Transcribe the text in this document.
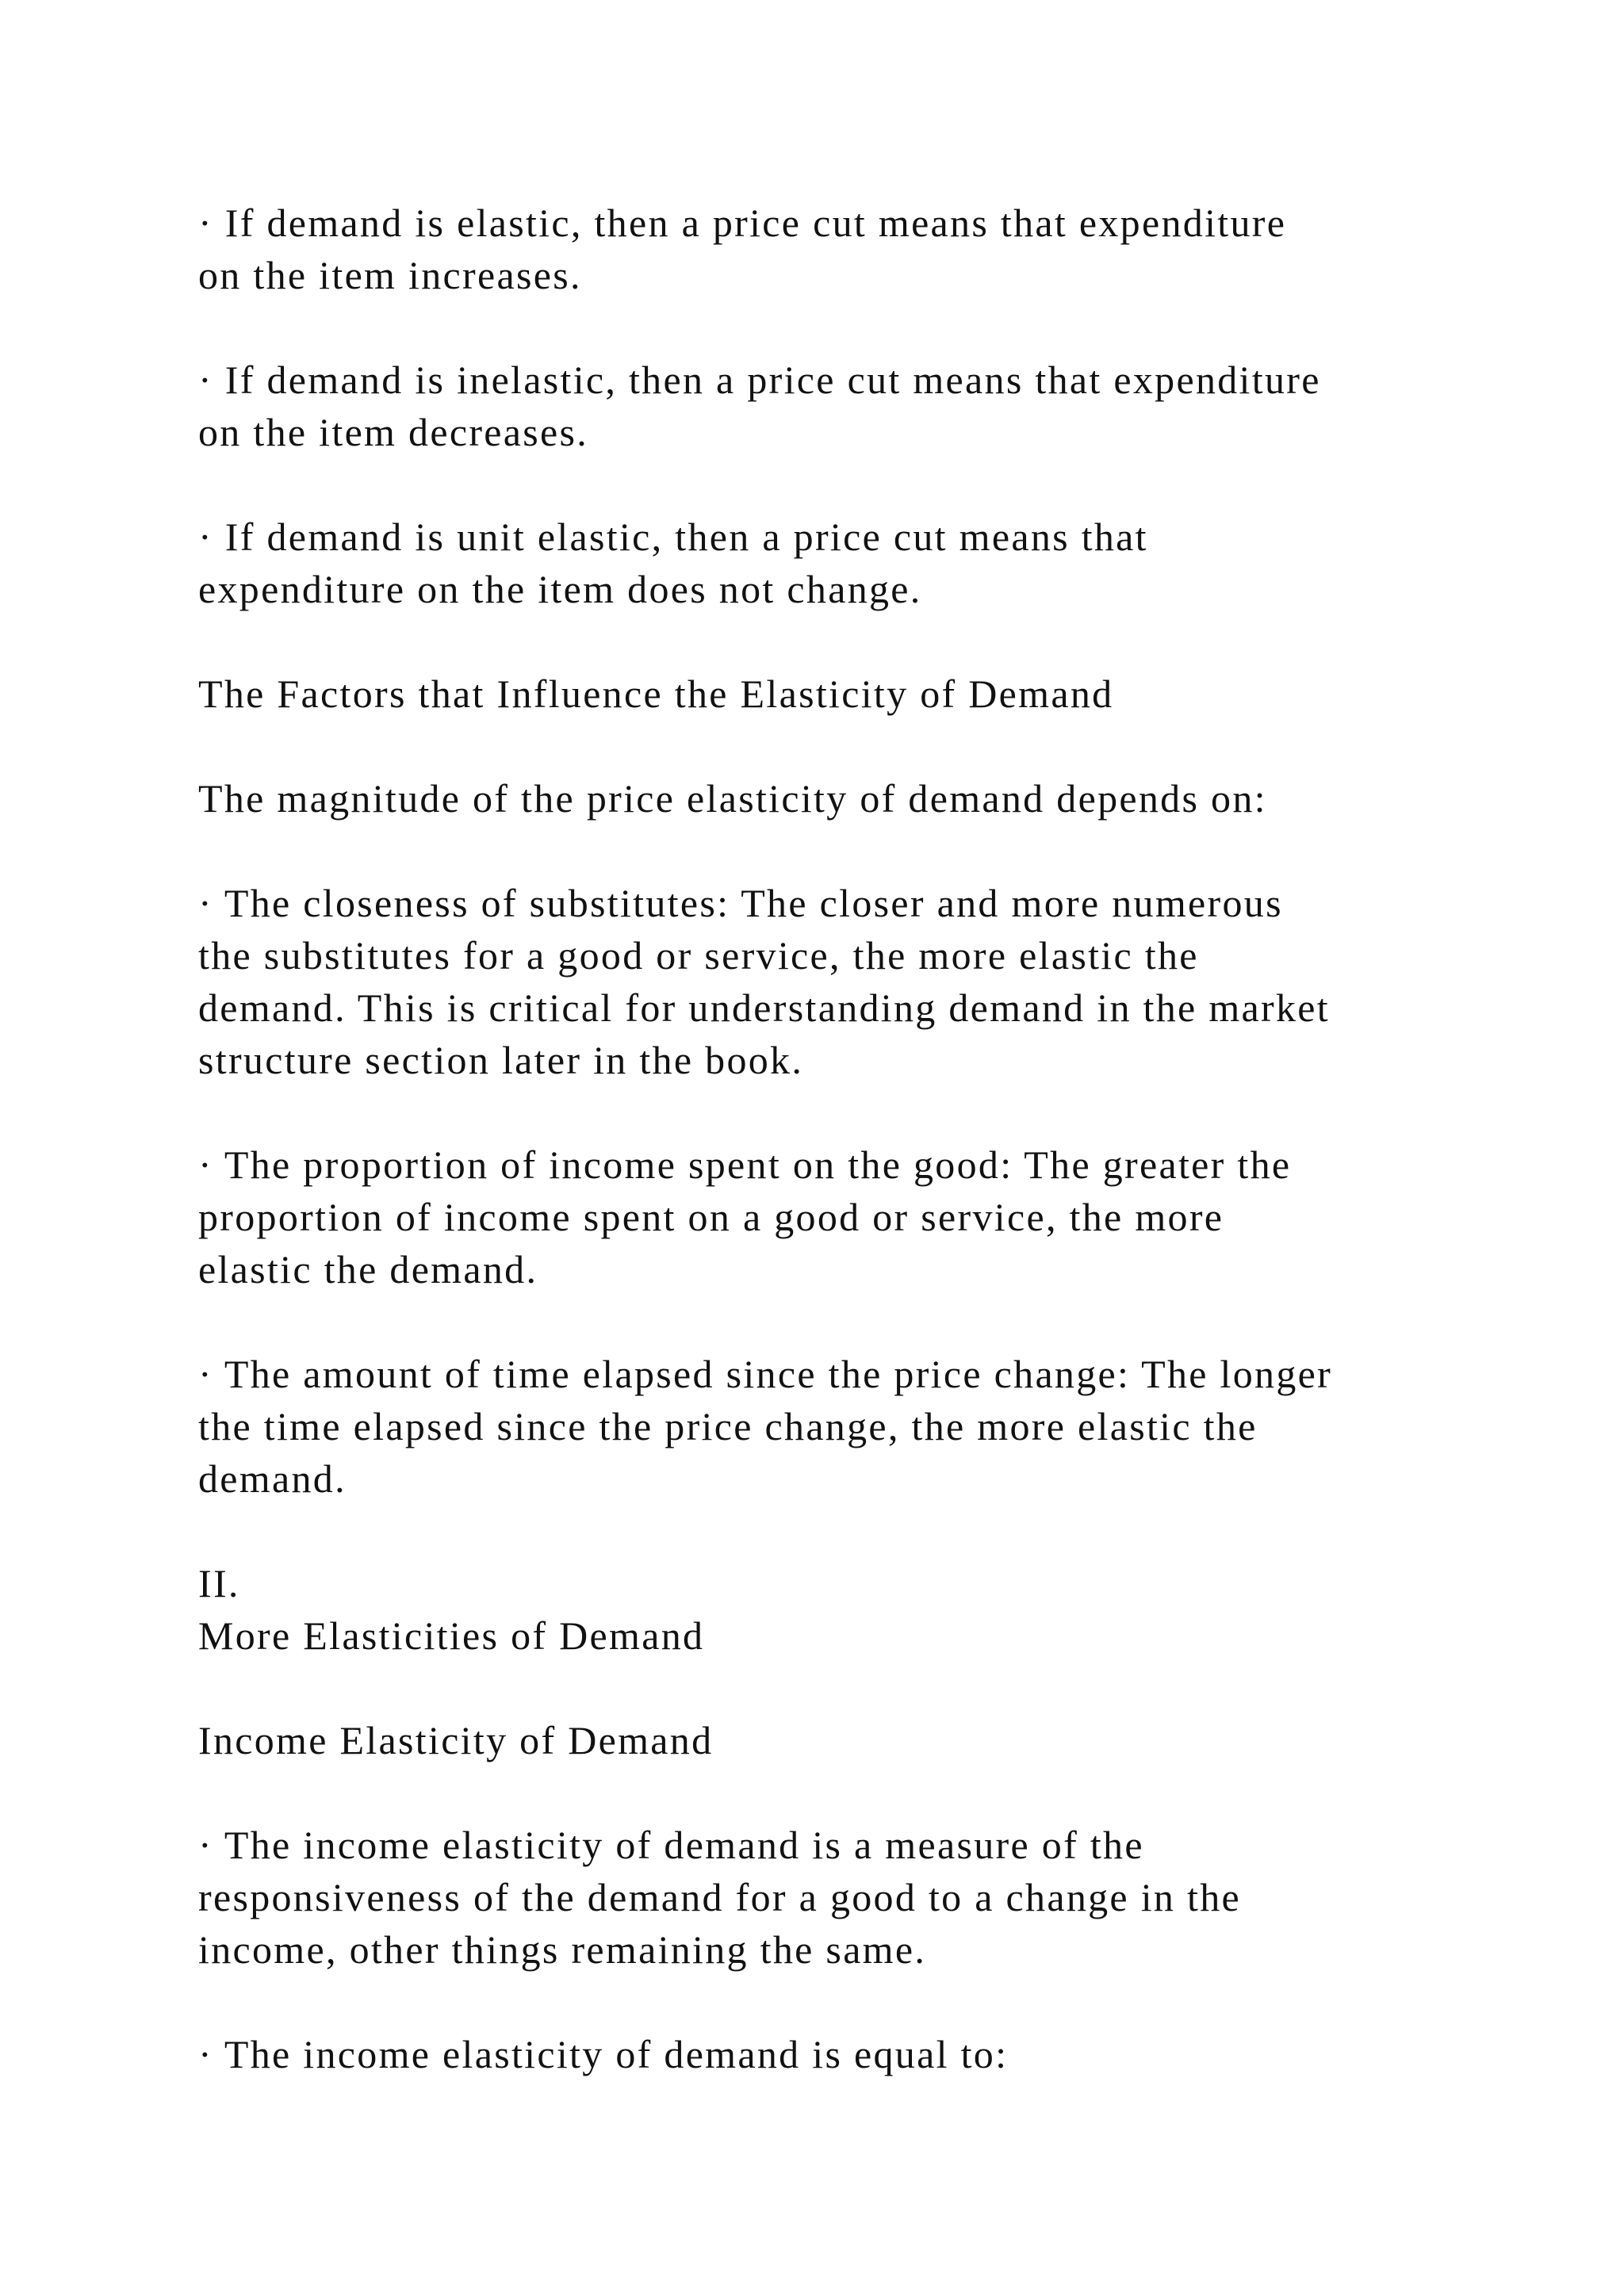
· If demand is elastic, then a price cut means that expenditure

on the item increases.

· If demand is inelastic, then a price cut means that expenditure

on the item decreases.

· If demand is unit elastic, then a price cut means that

expenditure on the item does not change.

The Factors that Influence the Elasticity of Demand

The magnitude of the price elasticity of demand depends on:

· The closeness of substitutes: The closer and more numerous

the substitutes for a good or service, the more elastic the

demand. This is critical for understanding demand in the market

structure section later in the book.

· The proportion of income spent on the good: The greater the

proportion of income spent on a good or service, the more

elastic the demand.

· The amount of time elapsed since the price change: The longer

the time elapsed since the price change, the more elastic the

demand.

II.

More Elasticities of Demand

Income Elasticity of Demand

· The income elasticity of demand is a measure of the

responsiveness of the demand for a good to a change in the

income, other things remaining the same.

· The income elasticity of demand is equal to:
